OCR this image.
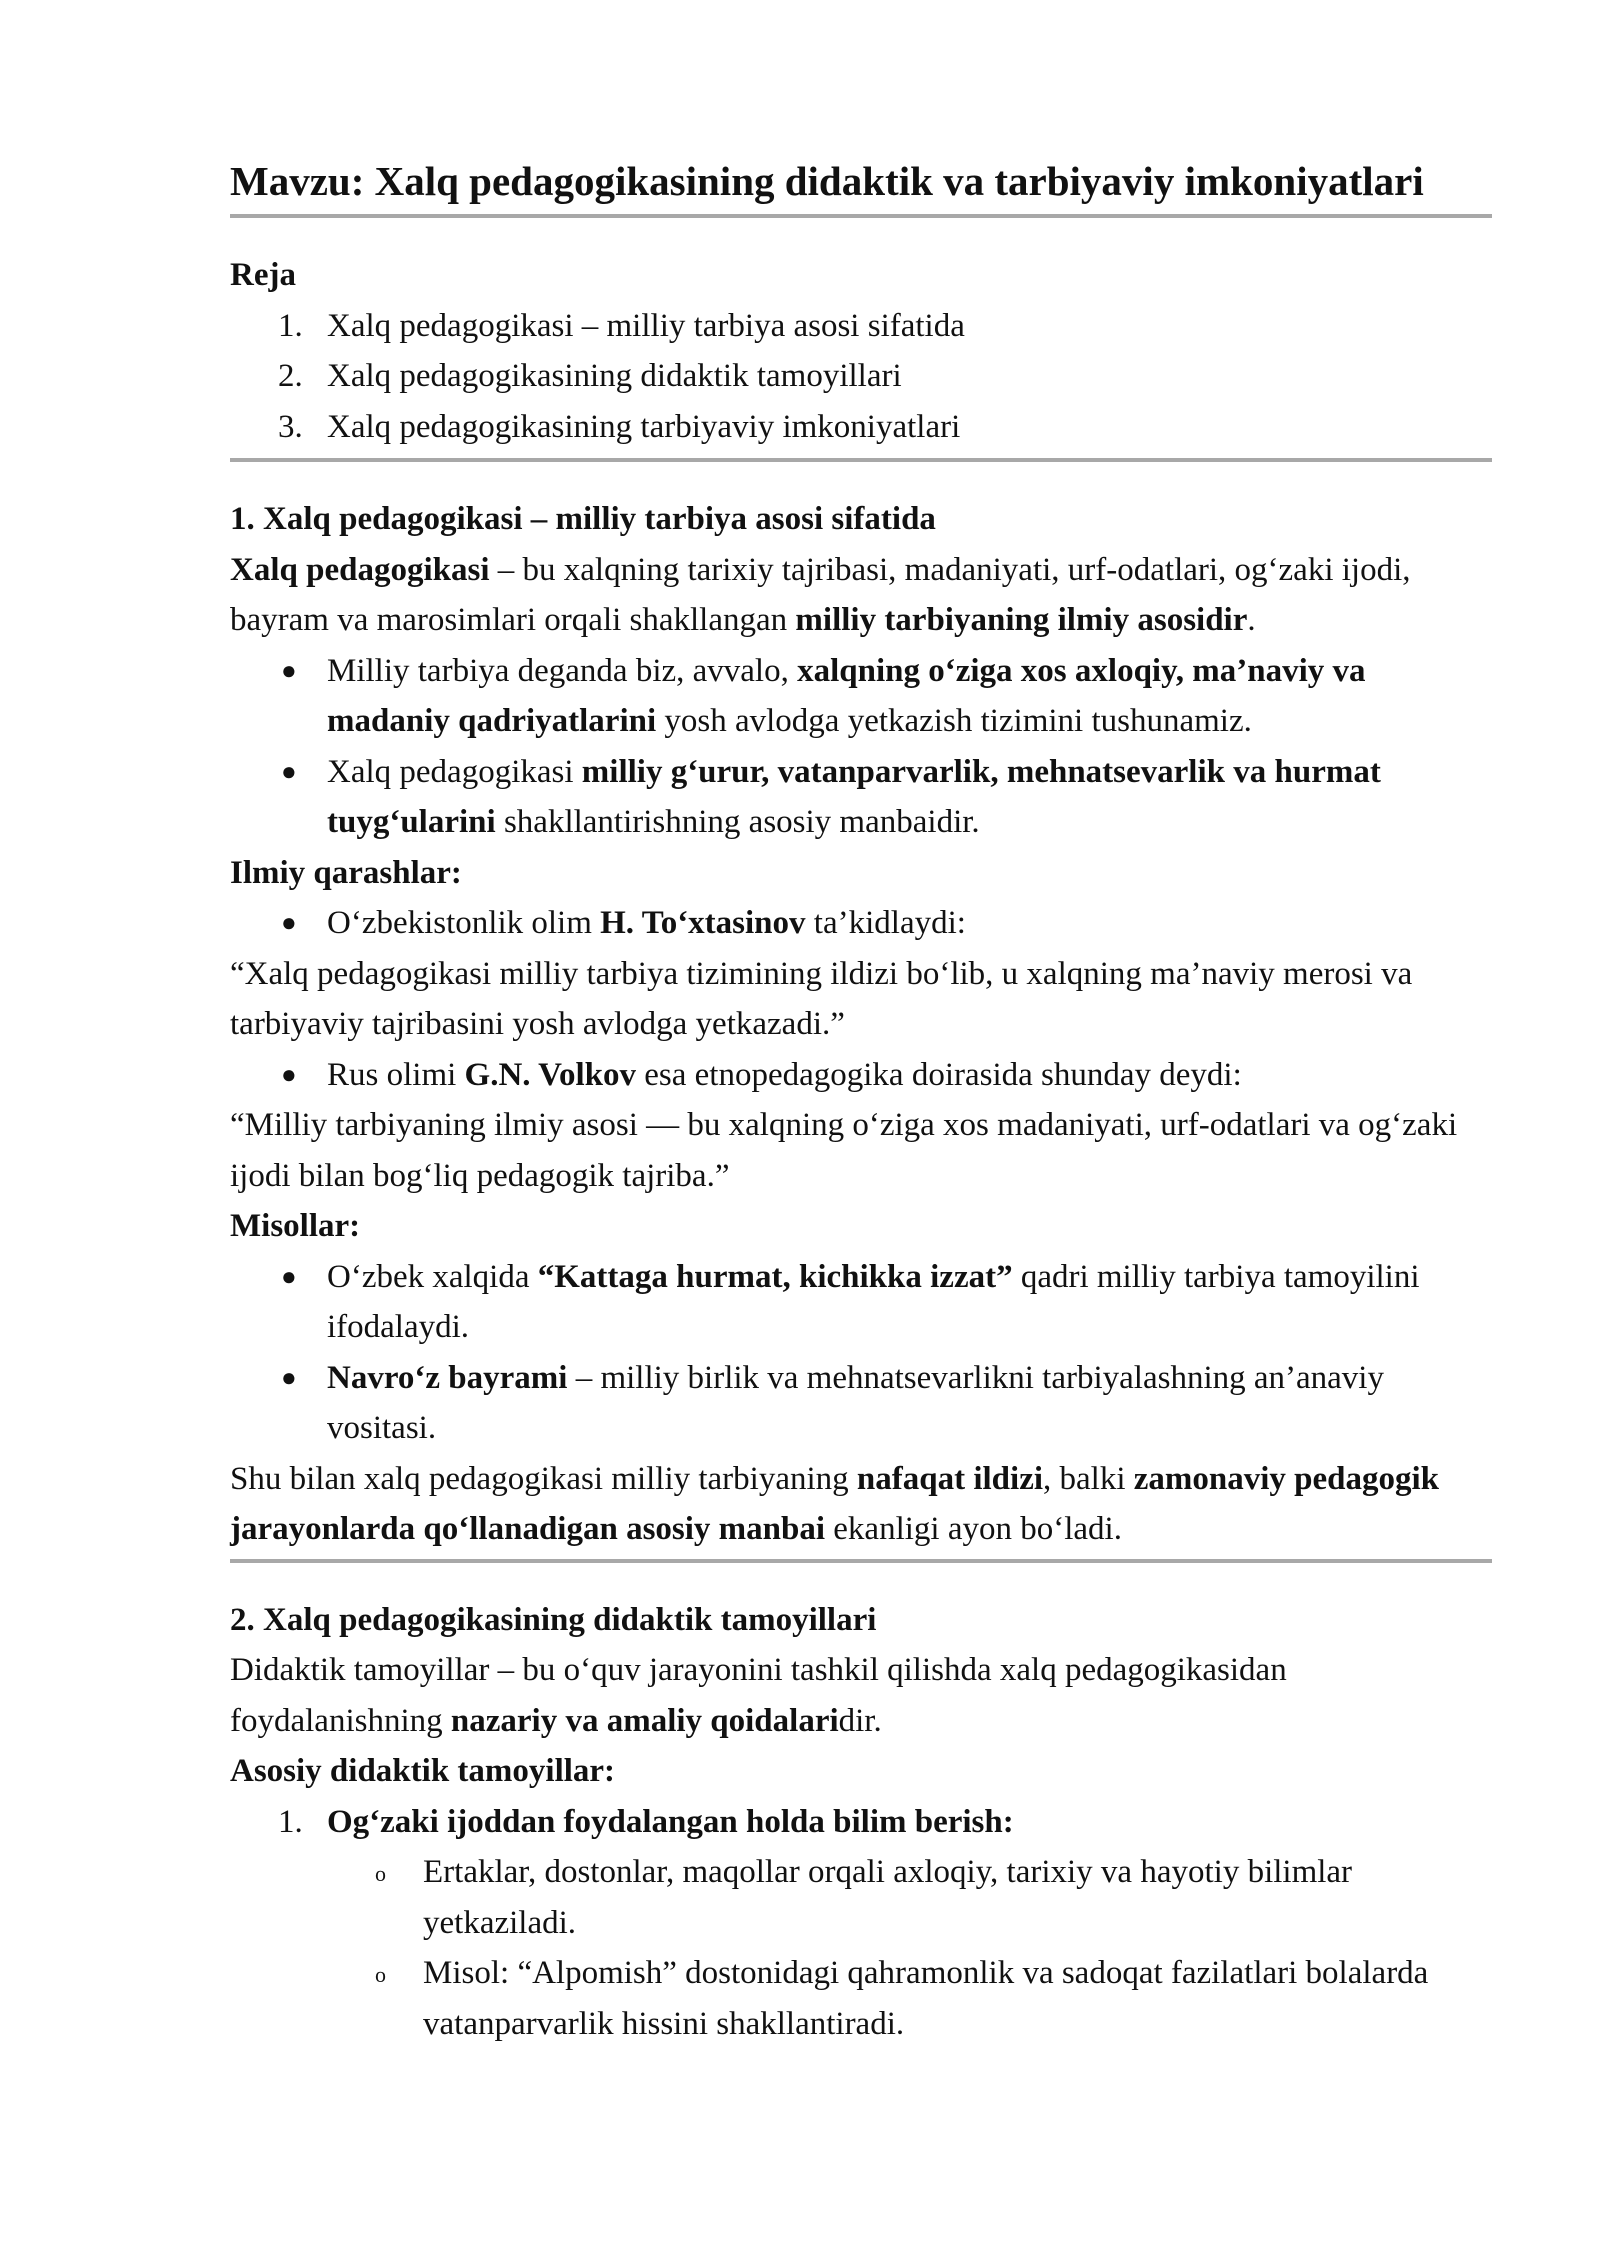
Mavzu: Xalq pedagogikasining didaktik va tarbiyaviy imkoniyatlari
Reja
1. Xalq pedagogikasi – milliy tarbiya asosi sifatida
2. Xalq pedagogikasining didaktik tamoyillari
3. Xalq pedagogikasining tarbiyaviy imkoniyatlari
1. Xalq pedagogikasi – milliy tarbiya asosi sifatida

Xalq pedagogikasi – bu xalqning tarixiy tajribasi, madaniyati, urf-odatlari, og‘zaki ijodi, bayram va marosimlari orqali shakllangan milliy tarbiyaning ilmiy asosidir.

● Milliy tarbiya deganda biz, avvalo, xalqning o‘ziga xos axloqiy, ma’naviy va madaniy qadriyatlarini yosh avlodga yetkazish tizimini tushunamiz.
● Xalq pedagogikasi milliy g‘urur, vatanparvarlik, mehnatsevarlik va hurmat tuyg‘ularini shakllantirishning asosiy manbaidir.
Ilmiy qarashlar:
● O‘zbekistonlik olim H. To‘xtasinov ta’kidlaydi:

“Xalq pedagogikasi milliy tarbiya tizimining ildizi bo‘lib, u xalqning ma’naviy merosi va tarbiyaviy tajribasini yosh avlodga yetkazadi.”

● Rus olimi G.N. Volkov esa etnopedagogika doirasida shunday deydi:

“Milliy tarbiyaning ilmiy asosi — bu xalqning o‘ziga xos madaniyati, urf-odatlari va og‘zaki ijodi bilan bog‘liq pedagogik tajriba.”

Misollar:
● O‘zbek xalqida “Kattaga hurmat, kichikka izzat” qadri milliy tarbiya tamoyilini ifodalaydi.
● Navro‘z bayrami – milliy birlik va mehnatsevarlikni tarbiyalashning an’anaviy vositasi.

Shu bilan xalq pedagogikasi milliy tarbiyaning nafaqat ildizi, balki zamonaviy pedagogik jarayonlarda qo‘llanadigan asosiy manbai ekanligi ayon bo‘ladi.

2. Xalq pedagogikasining didaktik tamoyillari

Didaktik tamoyillar – bu o‘quv jarayonini tashkil qilishda xalq pedagogikasidan foydalanishning nazariy va amaliy qoidalaridir.

Asosiy didaktik tamoyillar:
1. Og‘zaki ijoddan foydalangan holda bilim berish:
o Ertaklar, dostonlar, maqollar orqali axloqiy, tarixiy va hayotiy bilimlar yetkaziladi.
o Misol: “Alpomish” dostonidagi qahramonlik va sadoqat fazilatlari bolalarda vatanparvarlik hissini shakllantiradi.
